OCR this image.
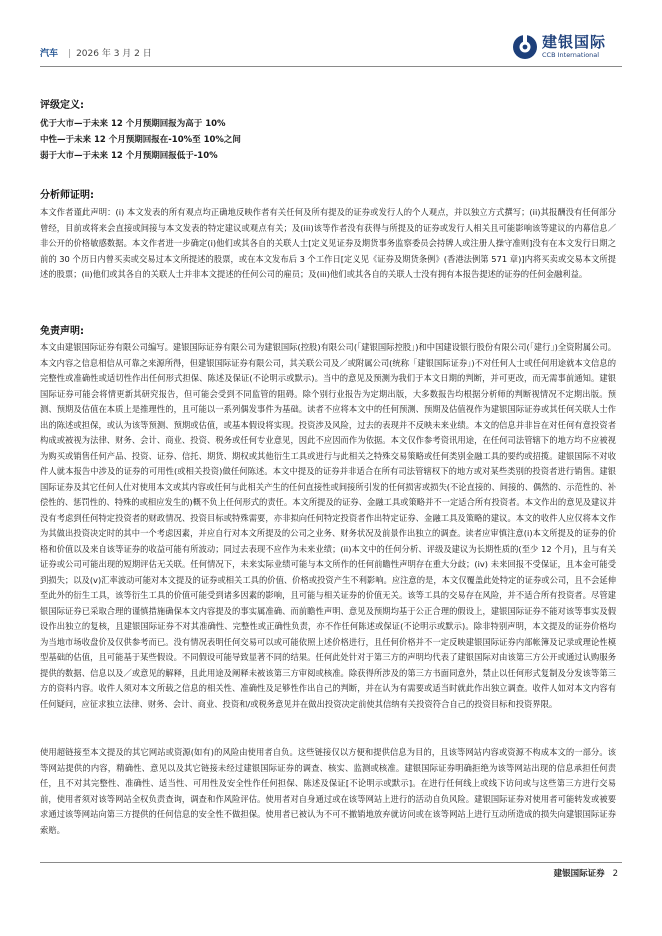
汽车 | 2026 年 3 月 2 日
建银国际
CCB International
评级定义:
优于大市—于未来 12 个月预期回报为高于 10%
中性—于未来 12 个月预期回报在-10%至 10%之间
弱于大市—于未来 12 个月预期回报低于-10%
分析师证明:
本文作者谨此声明：(i) 本文发表的所有观点均正确地反映作者有关任何及所有提及的证券或发行人的个人观点，并以独立方式撰写；(ii)其报酬没有任何部分曾经，目前或将来会直接或间接与本文发表的特定建议或观点有关；及(iii)该等作者没有获得与所提及的证券或发行人相关且可能影响该等建议的内幕信息／非公开的价格敏感数据。本文作者进一步确定(i)他们或其各自的关联人士[定义见证券及期货事务监察委员会持牌人或注册人操守准则]没有在本文发行日期之前的 30 个历日内曾买卖或交易过本文所提述的股票，或在本文发布后 3 个工作日[定义见《证券及期货条例》(香港法例第 571 章)]内将买卖或交易本文所提述的股票；(ii)他们或其各自的关联人士并非本文提述的任何公司的雇员；及(iii)他们或其各自的关联人士没有拥有本报告提述的证券的任何金融利益。
免责声明:
本文由建银国际证券有限公司编写。建银国际证券有限公司为建银国际(控股)有限公司(「建银国际控股」)和中国建设银行股份有限公司(「建行」)全资附属公司。本文内容之信息相信从可靠之来源所得，但建银国际证券有限公司，其关联公司及／或附属公司(统称「建银国际证券」)不对任何人士或任何用途就本文信息的完整性或准确性或适切性作出任何形式担保、陈述及保证(不论明示或默示)。当中的意见及预测为我们于本文日期的判断，并可更改，而无需事前通知。建银国际证券可能会将情更新其研究报告，但可能会受到不同监管的阻碍。除个别行业报告为定期出版，大多数报告均根据分析师的判断视情况不定期出版。预测、预期及估值在本质上是推理性的，且可能以一系列偶发事件为基础。读者不应将本文中的任何预测、预期及估值视作为建银国际证券或其任何关联人士作出的陈述或担保，或认为该等预测、预期或估值，或基本假设将实现。投资涉及风险，过去的表现并不反映未来业绩。本文的信息并非旨在对任何有意投资者构成或被视为法律、财务、会计、商业、投资、税务或任何专业意见，因此不应因而作为依据。本文仅作参考资讯用途，在任何司法管辖下的地方均不应被视为购买或销售任何产品、投资、证券、信托、期货、期权或其他衍生工具或进行与此相关之特殊交易策略或任何类别金融工具的要约或招揽。建银国际不对收件人就本报告中涉及的证券的可用性(或相关投资)做任何陈述。本文中提及的证券并非适合在所有司法管辖权下的地方或对某些类别的投资者进行销售。建银国际证券及其它任何人仕对使用本文或其内容或任何与此相关产生的任何直接性或间接所引发的任何损害或损失(不论直接的、间接的、偶然的、示范性的、补偿性的、惩罚性的、特殊的或相应发生的)概不负上任何形式的责任。本文所提及的证券、金融工具或策略并不一定适合所有投资者。本文作出的意见及建议并没有考虑到任何特定投资者的财政情况、投资目标或特殊需要，亦非拟向任何特定投资者作出特定证券、金融工具及策略的建议。本文的收件人应仅将本文作为其做出投资决定时的其中一个考虑因素，并应自行对本文所提及的公司之业务、财务状况及前景作出独立的调查。读者应审慎注意(i)本文所提及的证券的价格和价值以及来自该等证券的收益可能有所波动；同过去表现不应作为未来业绩；(ii)本文中的任何分析、评级及建议为长期性质的(至少 12 个月)，且与有关证券或公司可能出现的短期评估无关联。任何情况下，未来实际业绩可能与本文所作的任何前瞻性声明存在重大分歧；(iv) 未来回报不受保证，且本金可能受到损失；以及(v)汇率波动可能对本文提及的证券或相关工具的价值、价格或投资产生不利影响。应注意的是，本文仅覆盖此处特定的证券或公司，且不会延伸至此外的衍生工具，该等衍生工具的价值可能受到诸多因素的影响，且可能与相关证券的价值无关。该等工具的交易存在风险，并不适合所有投资者。尽管建银国际证券已采取合理的谨慎措施确保本文内容提及的事实属准确、而前瞻性声明、意见及预期均基于公正合理的假设上，建银国际证券不能对该等事实及假设作出独立的复核，且建银国际证券不对其准确性、完整性或正确性负责，亦不作任何陈述或保证(不论明示或默示)。除非特别声明，本文提及的证券价格均为当地市场收盘价及仅供参考而已。没有情况表明任何交易可以或可能依照上述价格进行，且任何价格并不一定反映建银国际证券内部帐簿及记录或理论性模型基础的估值，且可能基于某些假设。不同假设可能导致显著不同的结果。任何此处针对于第三方的声明均代表了建银国际对由该第三方公开或通过认购服务提供的数据、信息以及／或意见的解释，且此用途及阐释未被该第三方审阅或核准。除获得所涉及的第三方书面同意外，禁止以任何形式复制及分发该等第三方的资料内容。收件人须对本文所载之信息的相关性、准确性及足够性作出自己的判断，并在认为有需要或适当时就此作出独立调查。收件人如对本文内容有任何疑问，应征求独立法律、财务、会计、商业、投资和/或税务意见并在做出投资决定前使其信纳有关投资符合自己的投资目标和投资界限。
使用超链接至本文提及的其它网站或资源(如有)的风险由使用者自负。这些链接仅以方便和提供信息为目的，且该等网站内容或资源不构成本文的一部分。该等网站提供的内容，精确性、意见以及其它链接未经过建银国际证券的调查、核实、监测或核准。建银国际证券明确拒绝为该等网站出现的信息承担任何责任，且不对其完整性、准确性、适当性、可用性及安全性作任何担保、陈述及保证[不论明示或默示]。在进行任何线上或线下访问或与这些第三方进行交易前，使用者须对该等网站全权负责查询，调查和作风险评估。使用者对自身通过或在该等网站上进行的活动自负风险。建银国际证券对使用者可能转发或被要求通过该等网站向第三方提供的任何信息的安全性不做担保。使用者已被认为不可不撤销地放弃就访问或在该等网站上进行互动所造成的损失向建银国际证券索赔。
建银国际证券 2
